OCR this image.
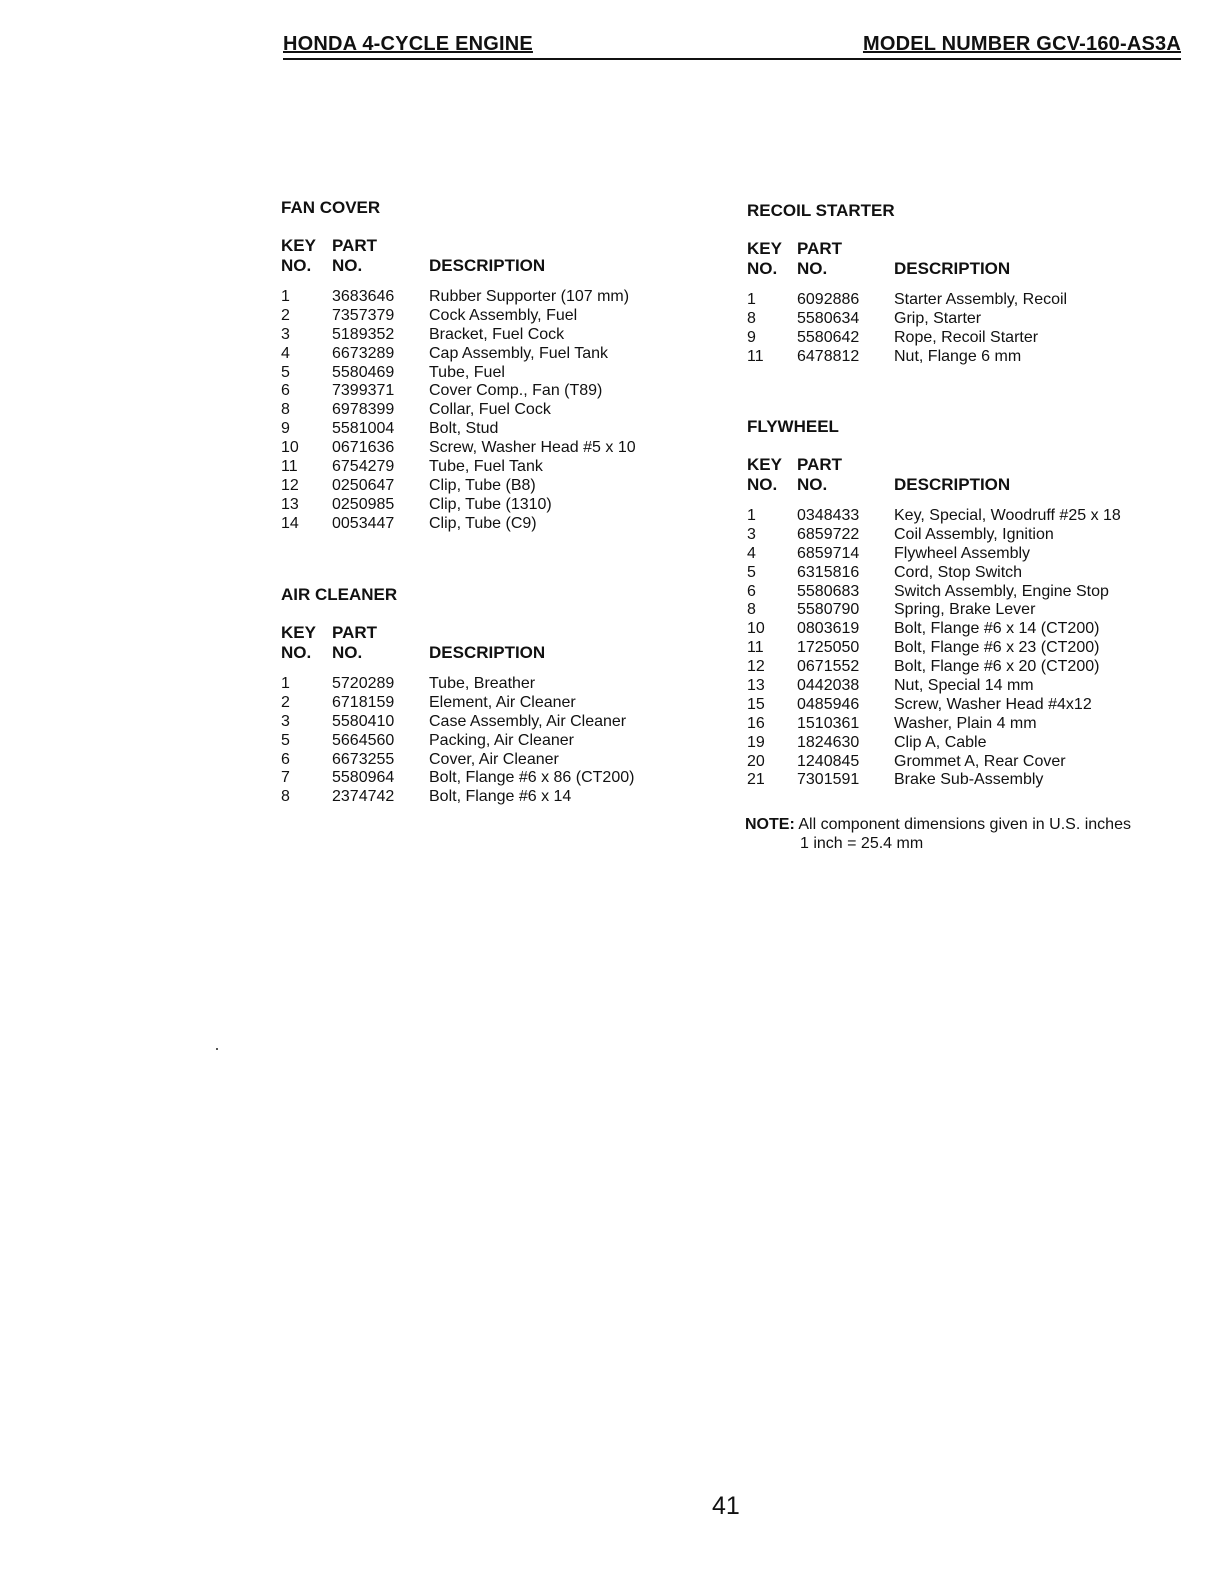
HONDA 4-CYCLE ENGINE	MODEL NUMBER GCV-160-AS3A
FAN COVER
KEY
NO.
PART
NO.	DESCRIPTION
1	3683646 Rubber Supporter (107 mm)
2	7357379 Cock Assembly, Fuel
3	5189352 Bracket, Fuel Cock
4	6673289 Cap Assembly, Fuel Tank
5	5580469 Tube, Fuel
6	7399371 Cover Comp., Fan (T89)
8	6978399 Collar, Fuel Cock
9	5581004 Bolt, Stud
10 0671636 Screw, Washer Head #5 x 10
11 6754279 Tube, Fuel Tank
12 0250647 Clip, Tube (B8)
13 0250985 Clip, Tube (1310)
14 0053447 Clip, Tube (C9)
AIR CLEANER
KEY
NO.
PART
NO.	DESCRIPTION
1	5720289 Tube, Breather
2	6718159 Element, Air Cleaner
3	5580410 Case Assembly, Air Cleaner
5	5664560 Packing, Air Cleaner
6	6673255 Cover, Air Cleaner
7	5580964 Bolt, Flange #6 x 86 (CT200)
8	2374742 Bolt, Flange #6 x 14
RECOIL STARTER
KEY
NO.
PART
NO.	DESCRIPTION
1	6092886 Starter Assembly, Recoil
8	5580634 Grip, Starter
9	5580642 Rope, Recoil Starter
11 6478812 Nut, Flange 6 mm
FLYWHEEL
KEY
NO.
PART
NO.	DESCRIPTION
1	0348433 Key, Special, Woodruff #25 x 18
3	6859722 Coil Assembly, Ignition
4	6859714 Flywheel Assembly
5	6315816 Cord, Stop Switch
6	5580683 Switch Assembly, Engine Stop
8	5580790 Spring, Brake Lever
10 0803619 Bolt, Flange #6 x 14 (CT200)
11 1725050 Bolt, Flange #6 x 23 (CT200)
12 0671552 Bolt, Flange #6 x 20 (CT200)
13 0442038 Nut, Special 14 mm
15 0485946 Screw, Washer Head #4x12
16 1510361 Washer, Plain 4 mm
19 1824630 Clip A, Cable
20 1240845 Grommet A, Rear Cover
21 7301591 Brake Sub-Assembly
NOTE: All component dimensions given in U.S. inches
1 inch = 25.4 mm
41
